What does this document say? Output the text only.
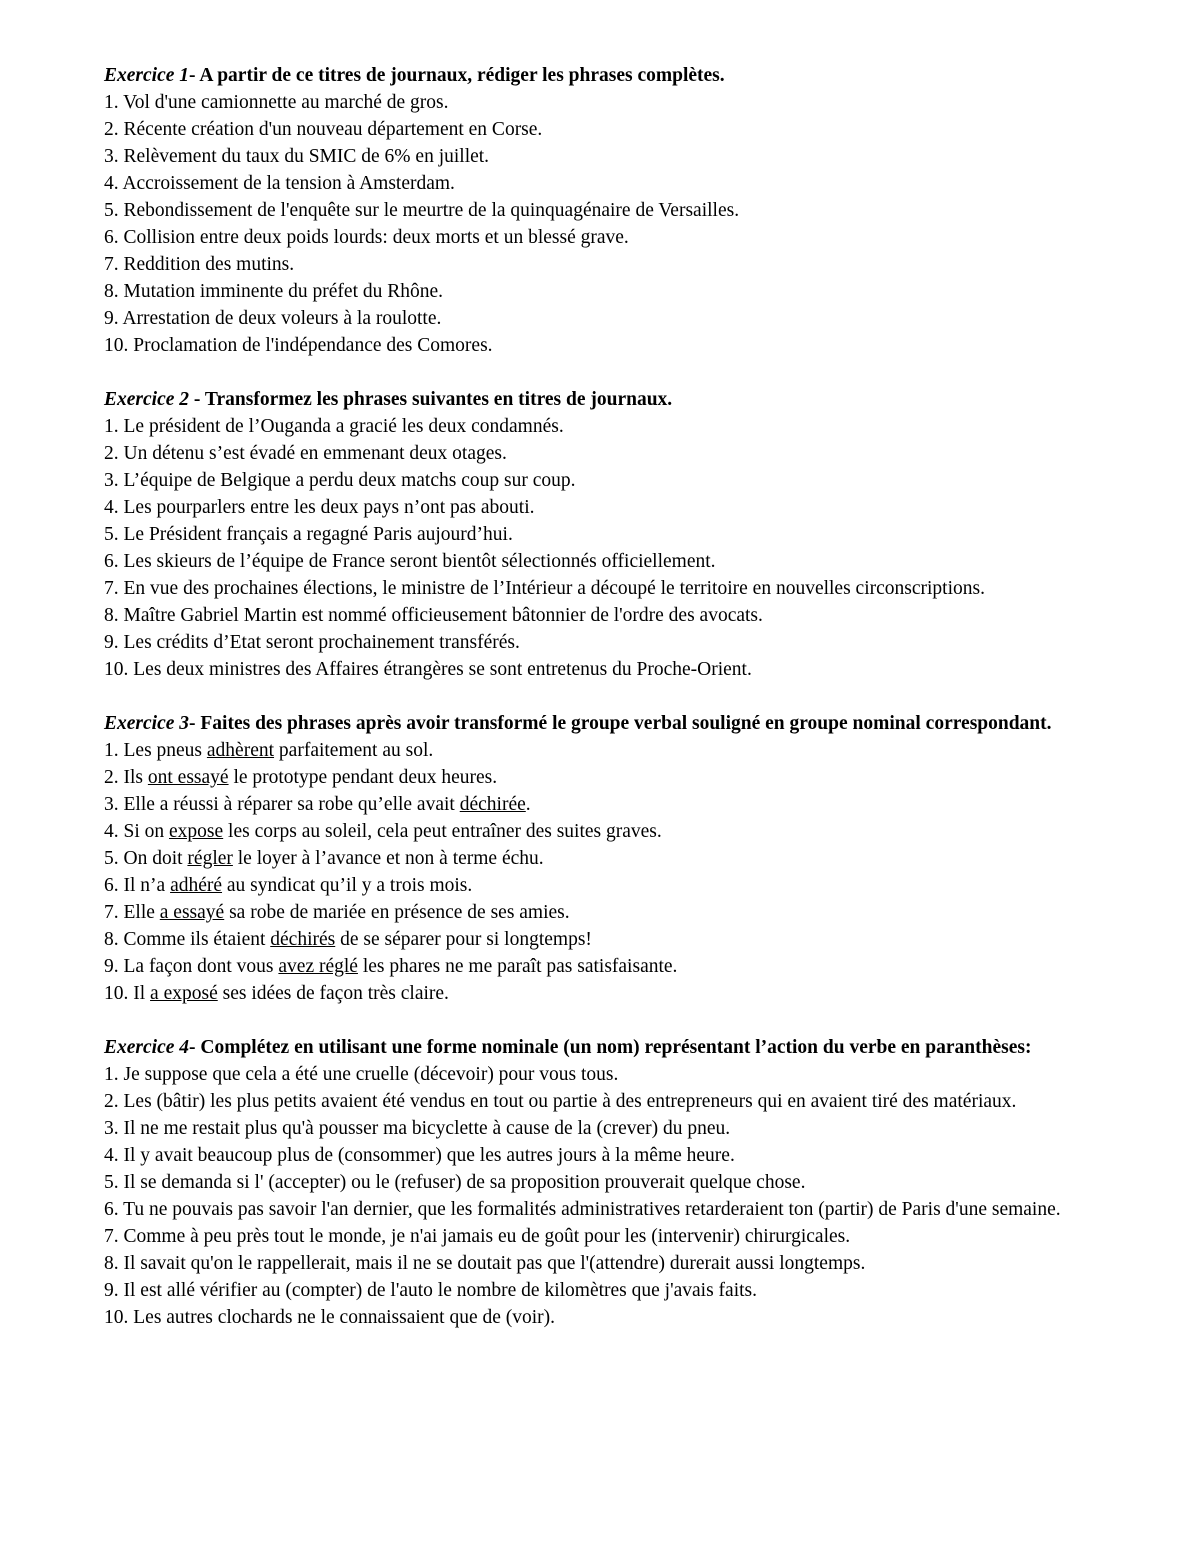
Exercice 1- A partir de ce titres de journaux, rédiger les phrases complètes.
1. Vol d'une camionnette au marché de gros.
2. Récente création d'un nouveau département en Corse.
3. Relèvement du taux du SMIC de 6% en juillet.
4. Accroissement de la tension à Amsterdam.
5. Rebondissement de l'enquête sur le meurtre de la quinquagénaire de Versailles.
6. Collision entre deux poids lourds: deux morts et un blessé grave.
7. Reddition des mutins.
8. Mutation imminente du préfet du Rhône.
9. Arrestation de deux voleurs à la roulotte.
10. Proclamation de l'indépendance des Comores.
Exercice 2 - Transformez les phrases suivantes en titres de journaux.
1. Le président de l’Ouganda a gracié les deux condamnés.
2. Un détenu s’est évadé en emmenant deux otages.
3. L’équipe de Belgique a perdu deux matchs coup sur coup.
4. Les pourparlers entre les deux pays n’ont pas abouti.
5. Le Président français a regagné Paris aujourd’hui.
6. Les skieurs de l’équipe de France seront bientôt sélectionnés officiellement.
7. En vue des prochaines élections, le ministre de l’Intérieur a découpé le territoire en nouvelles circonscriptions.
8. Maître Gabriel Martin est nommé officieusement bâtonnier de l'ordre des avocats.
9. Les crédits d’Etat seront prochainement transférés.
10. Les deux ministres des Affaires étrangères se sont entretenus du Proche-Orient.
Exercice 3- Faites des phrases après avoir transformé le groupe verbal souligné en groupe nominal correspondant.
1. Les pneus adhèrent parfaitement au sol.
2. Ils ont essayé le prototype pendant deux heures.
3. Elle a réussi à réparer sa robe qu’elle avait déchirée.
4. Si on expose les corps au soleil, cela peut entraîner des suites graves.
5. On doit régler le loyer à l’avance et non à terme échu.
6. Il n’a adhéré au syndicat qu’il y a trois mois.
7. Elle a essayé sa robe de mariée en présence de ses amies.
8. Comme ils étaient déchirés de se séparer pour si longtemps!
9. La façon dont vous avez réglé les phares ne me paraît pas satisfaisante.
10. Il a exposé ses idées de façon très claire.
Exercice 4- Complétez en utilisant une forme nominale (un nom) représentant l’action du verbe en paranthèses:
1. Je suppose que cela a été une cruelle (décevoir) pour vous tous.
2. Les (bâtir) les plus petits avaient été vendus en tout ou partie à des entrepreneurs qui en avaient tiré des matériaux.
3. Il ne me restait plus qu'à pousser ma bicyclette à cause de la (crever) du pneu.
4. Il y avait beaucoup plus de (consommer) que les autres jours à la même heure.
5. Il se demanda si l' (accepter) ou le (refuser) de sa proposition prouverait quelque chose.
6. Tu ne pouvais pas savoir l'an dernier, que les formalités administratives retarderaient ton (partir) de Paris d'une semaine.
7. Comme à peu près tout le monde, je n'ai jamais eu de goût pour les (intervenir) chirurgicales.
8. Il savait qu'on le rappellerait, mais il ne se doutait pas que l'(attendre) durerait aussi longtemps.
9. Il est allé vérifier au (compter) de l'auto le nombre de kilomètres que j'avais faits.
10. Les autres clochards ne le connaissaient que de (voir).
